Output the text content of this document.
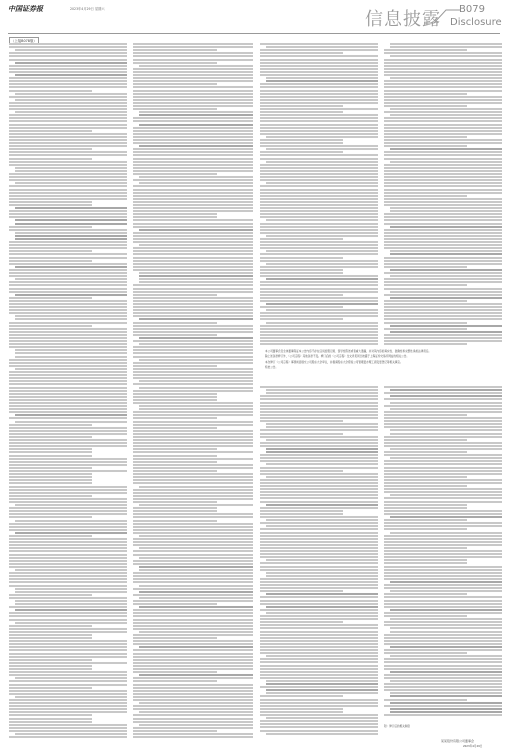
中国证券报	2023年4月29日 星期六	信息披露 B079
Disclosure
（上接B078版）

本公司董事会及全体董事保证本公告内容不存在任何虚假记载、误导性陈述或者重大遗漏，并对其内容的真实性、准确性和完整性承担法律责任。

除上述条款修订外，《公司章程》其他条款不变。修订后的《公司章程》全文详见同日披露于上海证券交易所网站的相关公告。

本次修订《公司章程》事项尚需提交公司股东大会审议，并提请股东大会授权公司管理层办理工商变更登记等相关事宜。

特此公告。

附：修订后的相关制度
某某股份有限公司董事会
2023年4月29日
